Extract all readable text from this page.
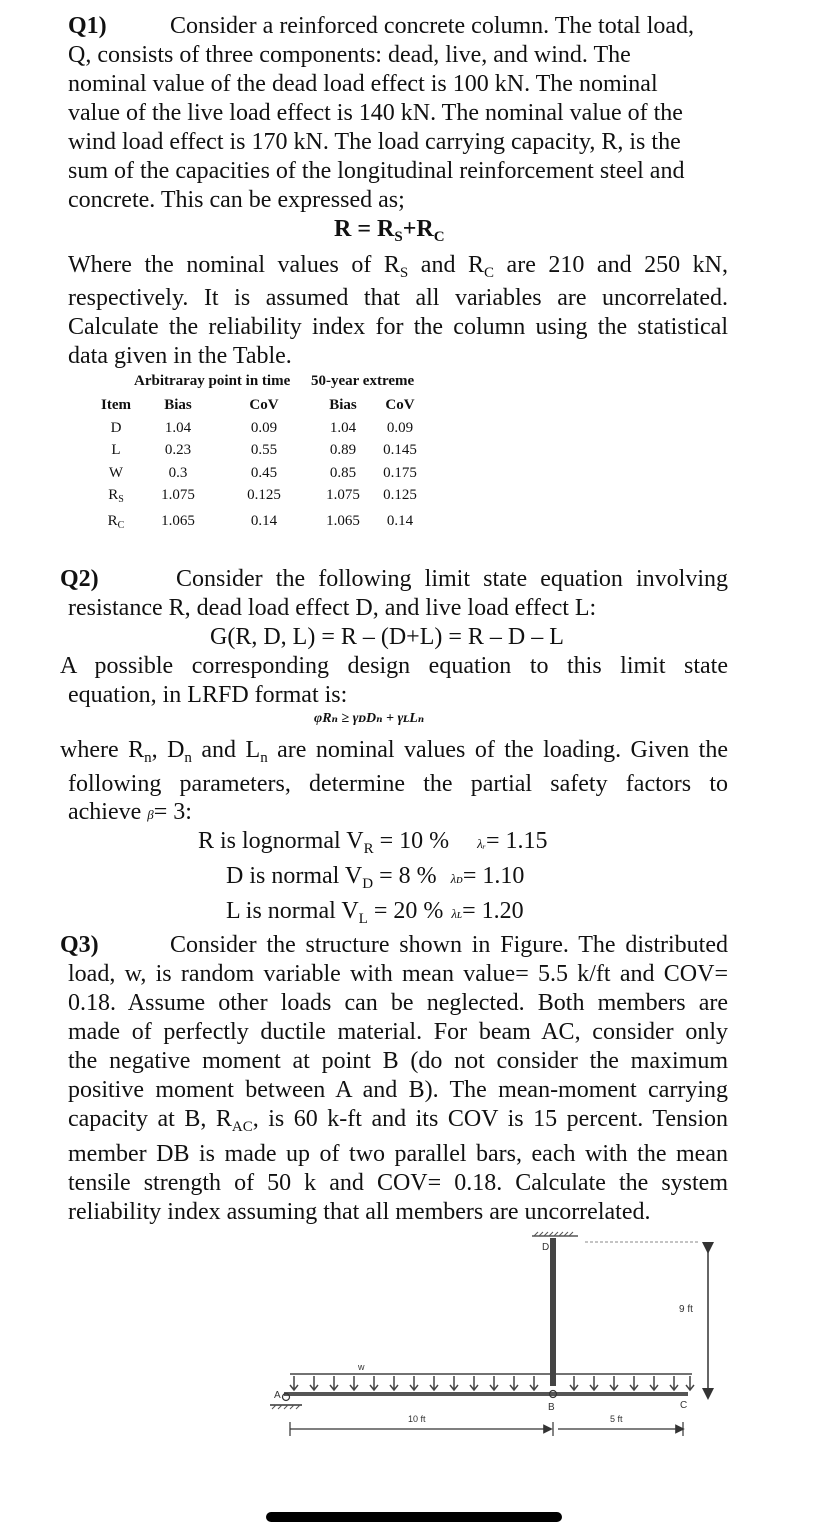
Q1)	Consider a reinforced concrete column. The total load,
Q, consists of three components: dead, live, and wind. The
nominal value of the dead load effect is 100 kN. The nominal
value of the live load effect is 140 kN. The nominal value of the
wind load effect is 170 kN. The load carrying capacity, R, is the
sum of the capacities of the longitudinal reinforcement steel and
concrete. This can be expressed as;
$R = R_S+R_C$
Where the nominal values of $R_S$ and $R_C$ are 210 and 250 kN,
respectively. It is assumed that all variables are uncorrelated.
Calculate the reliability index for the column using the statistical
data given in the Table.
Arbitraray point in time 50-year extreme
Item	Bias	CoV	Bias	CoV
D	1.04	0.09	1.04	0.09
L	0.23	0.55	0.89	0.145
W	0.3	0.45	0.85	0.175
$R_S$	1.075	0.125	1.075	0.125
$R_C$	1.065	0.14	1.065	0.14
Q2)	Consider the following limit state equation involving
resistance R, dead load effect D, and live load effect L:
G(R, D, L) = R – (D+L) = R – D – L
A possible corresponding design equation to this limit state
equation, in LRFD format is:
φRₙ ≥ γᴅDₙ + γʟLₙ
where $R_n$, $D_n$ and $L_n$ are nominal values of the loading. Given the
following parameters, determine the partial safety factors to
achieve β= 3:
R is lognormal $V_R = 10$ % λᵣ= 1.15
D is normal $V_D = 8$ % λᴅ= 1.10
L is normal $V_L = 20$ % λʟ= 1.20
Q3)	Consider the structure shown in Figure. The distributed
load, w, is random variable with mean value= 5.5 k/ft and COV=
0.18. Assume other loads can be neglected. Both members are
made of perfectly ductile material. For beam AC, consider only
the negative moment at point B (do not consider the maximum
positive moment between A and B). The mean-moment carrying
capacity at B, $R_{AC}$, is 60 k-ft and its COV is 15 percent. Tension
member DB is made up of two parallel bars, each with the mean
tensile strength of 50 k and COV= 0.18. Calculate the system
reliability index assuming that all members are uncorrelated.
D
9 ft
w
A
B	C
10 ft	5 ft
